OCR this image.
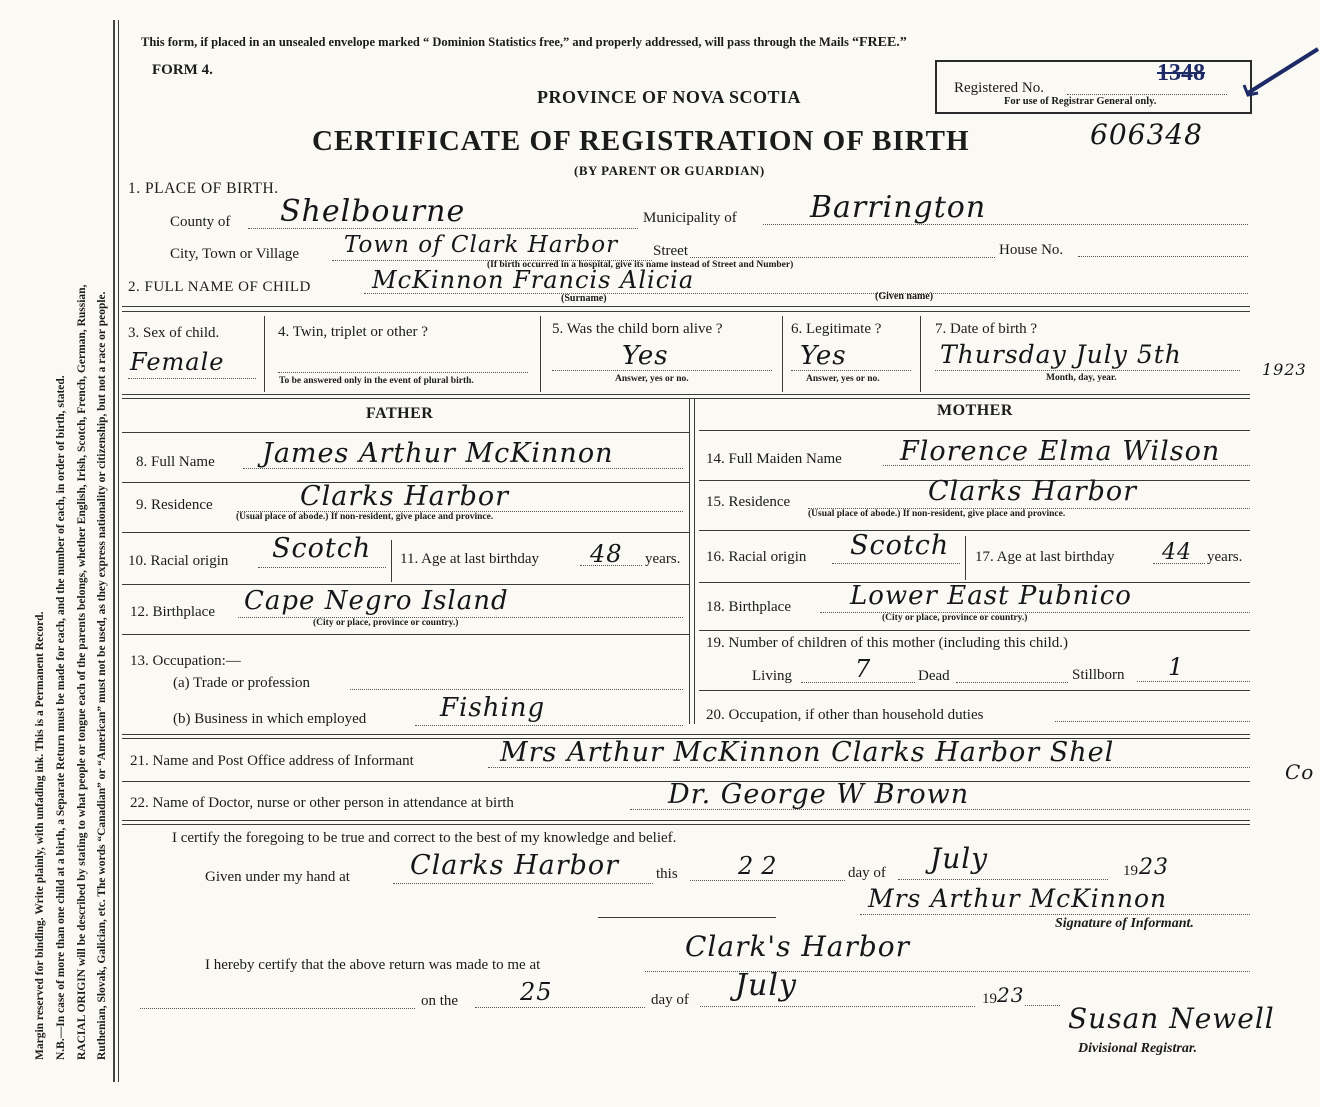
Margin reserved for binding. Write plainly, with unfading ink. This is a Permanent Record. N.B.—In case of more than one child at a birth, a Separate Return must be made for each, and the number of each, in order of birth, stated. RACIAL ORIGIN will be described by stating to what people or tongue each of the parents belongs, whether English, Irish, Scotch, French, German, Russian, Ruthenian, Slovak, Galician, etc. The words “Canadian” or “American” must not be used, as they express nationality or citizenship, but not a race or people.
This form, if placed in an unsealed envelope marked “ Dominion Statistics free,” and properly addressed, will pass through the Mails “FREE.”
FORM 4.
PROVINCE OF NOVA SCOTIA
CERTIFICATE OF REGISTRATION OF BIRTH
(BY PARENT OR GUARDIAN)
606348
Registered No.
For use of Registrar General only.
1348
1. PLACE OF BIRTH.
County of Shelbourne	Municipality of Barrington
City, Town or Village Town of Clark Harbor Street
(If birth occurred in a hospital, give its name instead of Street and Number)
House No.
2. FULL NAME OF CHILD	McKinnon Francis Alicia
(Surname)	(Given name)
3. Sex of child.
Female
4. Twin, triplet or other ?
To be answered only in the event of plural birth.
5. Was the child born alive ?
Yes
Answer, yes or no.
6. Legitimate ?
Yes
Answer, yes or no.
7. Date of birth ?
Thursday July 5th
1923
Month, day, year.
FATHER	MOTHER
8. Full Name James Arthur McKinnon
9. Residence	Clarks Harbor
(Usual place of abode.) If non-resident, give place and province.
10. Racial origin Scotch 11. Age at last birthday 48 years.
12. Birthplace Cape Negro Island
(City or place, province or country.)
13. Occupation:—
(a) Trade or profession
(b) Business in which employed	Fishing
14. Full Maiden Name Florence Elma Wilson
15. Residence	Clarks Harbor
(Usual place of abode.) If non-resident, give place and province.
16. Racial origin Scotch 17. Age at last birthday 44 years.
18. Birthplace Lower East Pubnico
(City or place, province or country.)
19. Number of children of this mother (including this child.)
Living	7	Dead	Stillborn 1
20. Occupation, if other than household duties
21. Name and Post Office address of Informant	Mrs Arthur McKinnon Clarks Harbor Shel
Co
22. Name of Doctor, nurse or other person in attendance at birth	Dr. George W Brown
I certify the foregoing to be true and correct to the best of my knowledge and belief.
Given under my hand at Clarks Harbor this	22	day of July	19 23
Mrs Arthur McKinnon
Signature of Informant.
I hereby certify that the above return was made to me at
Clark's Harbor
on the	25	day of July	19 23
Susan Newell
Divisional Registrar.
